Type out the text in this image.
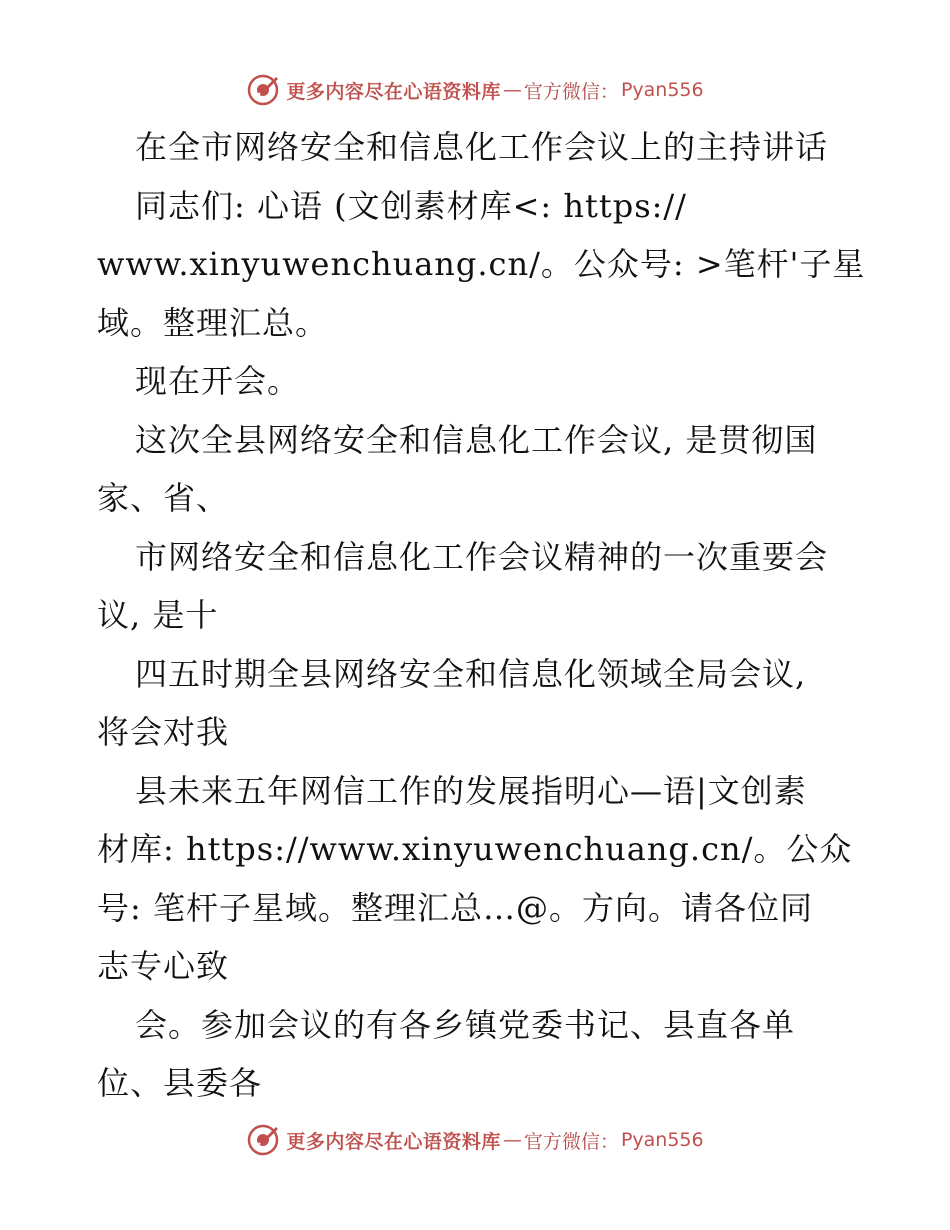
更多内容尽在心语资料库 — 官方微信： Pyan556
在全市网络安全和信息化工作会议上的主持讲话
同志们: 心语 (文创素材库<: https://
www.xinyuwenchuang.cn/。公众号: >笔杆'子星
域。整理汇总。
现在开会。
这次全县网络安全和信息化工作会议, 是贯彻国
家、省、
市网络安全和信息化工作会议精神的一次重要会
议, 是十
四五时期全县网络安全和信息化领域全局会议,
将会对我
县未来五年网信工作的发展指明心—语|文创素
材库: https://www.xinyuwenchuang.cn/。公众
号: 笔杆子星域。整理汇总…@。方向。请各位同
志专心致
会。参加会议的有各乡镇党委书记、县直各单
位、县委各
更多内容尽在心语资料库 — 官方微信： Pyan556
